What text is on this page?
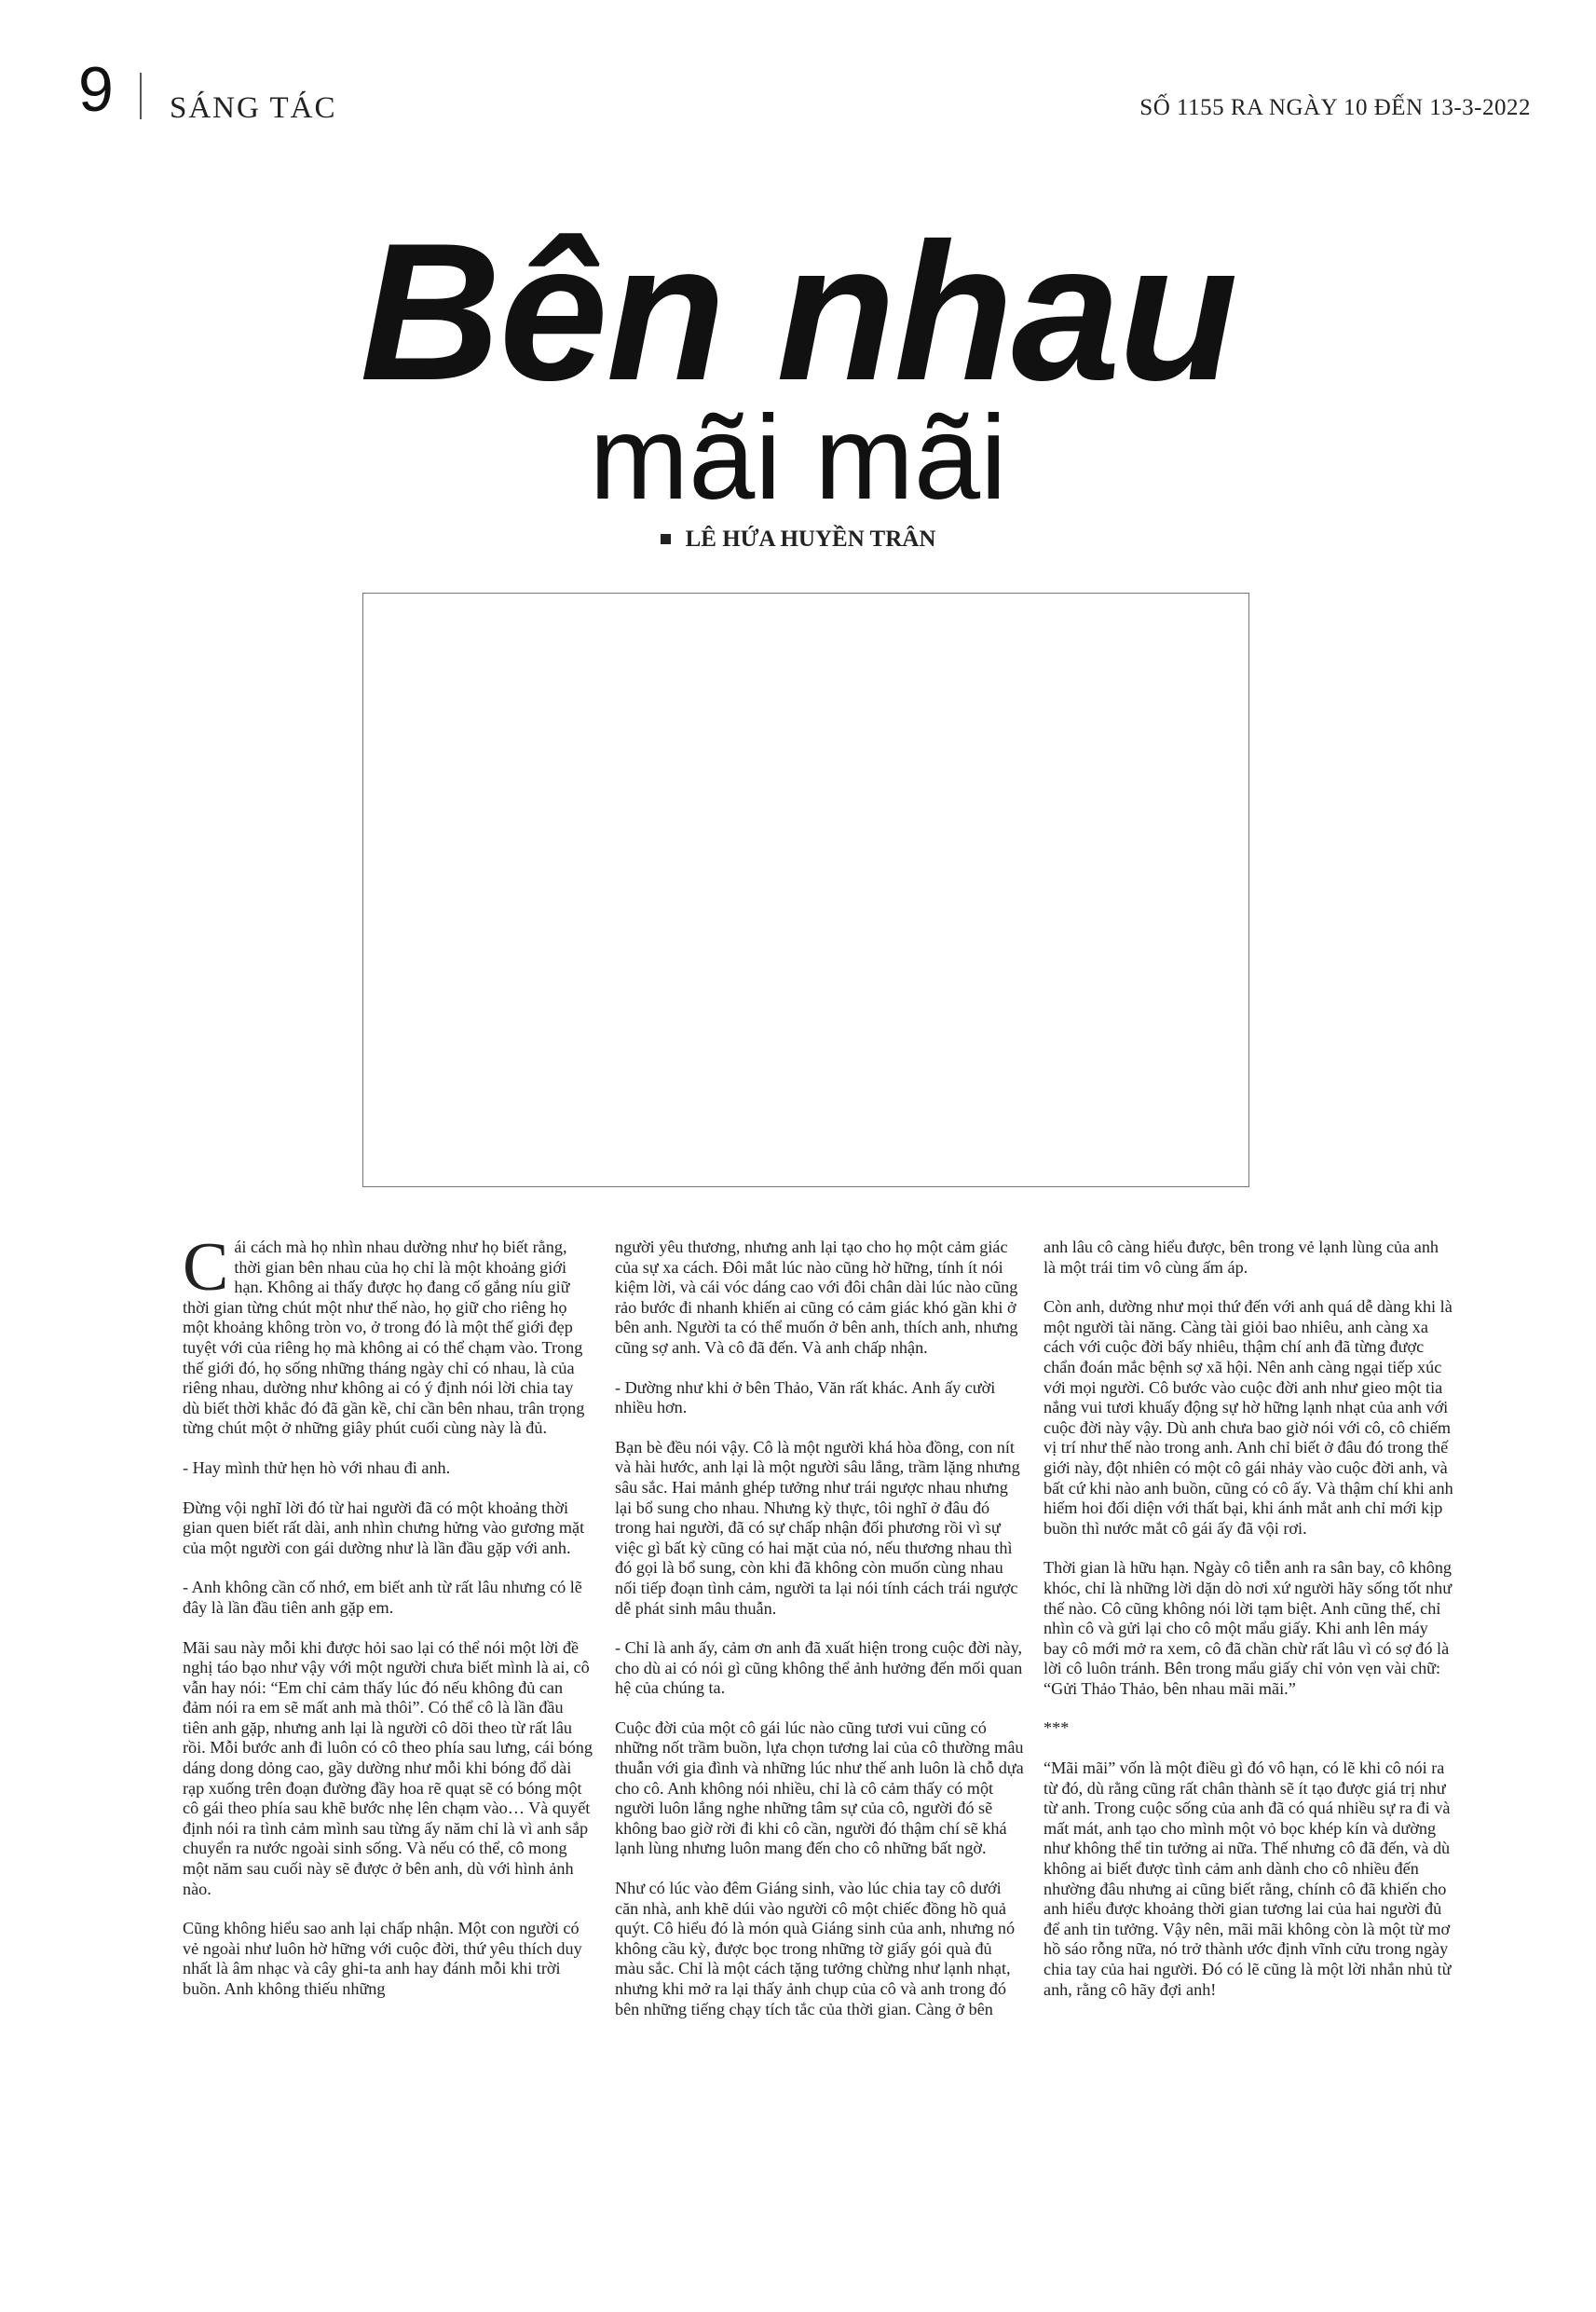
9 SÁNG TÁC	SỐ 1155 RA NGÀY 10 ĐẾN 13-3-2022
Bên nhau
mãi mãi
LÊ HỨA HUYỀN TRÂN

Cái cách mà họ nhìn nhau dường như họ biết rằng, thời gian bên nhau của họ chỉ là một khoảng giới hạn. Không ai thấy được họ đang cố gắng níu giữ thời gian từng chút một như thế nào, họ giữ cho riêng họ một khoảng không tròn vo, ở trong đó là một thế giới đẹp tuyệt với của riêng họ mà không ai có thể chạm vào. Trong thế giới đó, họ sống những tháng ngày chỉ có nhau, là của riêng nhau, dường như không ai có ý định nói lời chia tay dù biết thời khắc đó đã gần kề, chỉ cần bên nhau, trân trọng từng chút một ở những giây phút cuối cùng này là đủ.

- Hay mình thử hẹn hò với nhau đi anh.

Đừng vội nghĩ lời đó từ hai người đã có một khoảng thời gian quen biết rất dài, anh nhìn chưng hửng vào gương mặt của một người con gái dường như là lần đầu gặp với anh.

- Anh không cần cố nhớ, em biết anh từ rất lâu nhưng có lẽ đây là lần đầu tiên anh gặp em.

Mãi sau này mỗi khi được hỏi sao lại có thể nói một lời đề nghị táo bạo như vậy với một người chưa biết mình là ai, cô vẫn hay nói: “Em chỉ cảm thấy lúc đó nếu không đủ can đảm nói ra em sẽ mất anh mà thôi”. Có thể cô là lần đầu tiên anh gặp, nhưng anh lại là người cô dõi theo từ rất lâu rồi. Mỗi bước anh đi luôn có cô theo phía sau lưng, cái bóng dáng dong dỏng cao, gầy dường như mỗi khi bóng đổ dài rạp xuống trên đoạn đường đầy hoa rẽ quạt sẽ có bóng một cô gái theo phía sau khẽ bước nhẹ lên chạm vào… Và quyết định nói ra tình cảm mình sau từng ấy năm chỉ là vì anh sắp chuyển ra nước ngoài sinh sống. Và nếu có thể, cô mong một năm sau cuối này sẽ được ở bên anh, dù với hình ảnh nào.

Cũng không hiểu sao anh lại chấp nhận. Một con người có vẻ ngoài như luôn hờ hững với cuộc đời, thứ yêu thích duy nhất là âm nhạc và cây ghi-ta anh hay đánh mỗi khi trời buồn. Anh không thiếu những

người yêu thương, nhưng anh lại tạo cho họ một cảm giác của sự xa cách. Đôi mắt lúc nào cũng hờ hững, tính ít nói kiệm lời, và cái vóc dáng cao với đôi chân dài lúc nào cũng rảo bước đi nhanh khiến ai cũng có cảm giác khó gần khi ở bên anh. Người ta có thể muốn ở bên anh, thích anh, nhưng cũng sợ anh. Và cô đã đến. Và anh chấp nhận.

- Dường như khi ở bên Thảo, Văn rất khác. Anh ấy cười nhiều hơn.

Bạn bè đều nói vậy. Cô là một người khá hòa đồng, con nít và hài hước, anh lại là một người sâu lắng, trầm lặng nhưng sâu sắc. Hai mảnh ghép tưởng như trái ngược nhau nhưng lại bổ sung cho nhau. Nhưng kỳ thực, tôi nghĩ ở đâu đó trong hai người, đã có sự chấp nhận đối phương rồi vì sự việc gì bất kỳ cũng có hai mặt của nó, nếu thương nhau thì đó gọi là bổ sung, còn khi đã không còn muốn cùng nhau nối tiếp đoạn tình cảm, người ta lại nói tính cách trái ngược dễ phát sinh mâu thuẫn.

- Chỉ là anh ấy, cảm ơn anh đã xuất hiện trong cuộc đời này, cho dù ai có nói gì cũng không thể ảnh hưởng đến mối quan hệ của chúng ta.

Cuộc đời của một cô gái lúc nào cũng tươi vui cũng có những nốt trầm buồn, lựa chọn tương lai của cô thường mâu thuẫn với gia đình và những lúc như thế anh luôn là chỗ dựa cho cô. Anh không nói nhiều, chỉ là cô cảm thấy có một người luôn lắng nghe những tâm sự của cô, người đó sẽ không bao giờ rời đi khi cô cần, người đó thậm chí sẽ khá lạnh lùng nhưng luôn mang đến cho cô những bất ngờ.

Như có lúc vào đêm Giáng sinh, vào lúc chia tay cô dưới căn nhà, anh khẽ dúi vào người cô một chiếc đồng hồ quả quýt. Cô hiểu đó là món quà Giáng sinh của anh, nhưng nó không cầu kỳ, được bọc trong những tờ giấy gói quà đủ màu sắc. Chỉ là một cách tặng tưởng chừng như lạnh nhạt, nhưng khi mở ra lại thấy ảnh chụp của cô và anh trong đó bên những tiếng chạy tích tắc của thời gian. Càng ở bên

anh lâu cô càng hiểu được, bên trong vẻ lạnh lùng của anh là một trái tim vô cùng ấm áp.

Còn anh, dường như mọi thứ đến với anh quá dễ dàng khi là một người tài năng. Càng tài giỏi bao nhiêu, anh càng xa cách với cuộc đời bấy nhiêu, thậm chí anh đã từng được chẩn đoán mắc bệnh sợ xã hội. Nên anh càng ngại tiếp xúc với mọi người. Cô bước vào cuộc đời anh như gieo một tia nắng vui tươi khuấy động sự hờ hững lạnh nhạt của anh với cuộc đời này vậy. Dù anh chưa bao giờ nói với cô, cô chiếm vị trí như thế nào trong anh. Anh chỉ biết ở đâu đó trong thế giới này, đột nhiên có một cô gái nhảy vào cuộc đời anh, và bất cứ khi nào anh buồn, cũng có cô ấy. Và thậm chí khi anh hiếm hoi đối diện với thất bại, khi ánh mắt anh chỉ mới kịp buồn thì nước mắt cô gái ấy đã vội rơi.

Thời gian là hữu hạn. Ngày cô tiễn anh ra sân bay, cô không khóc, chỉ là những lời dặn dò nơi xứ người hãy sống tốt như thế nào. Cô cũng không nói lời tạm biệt. Anh cũng thế, chỉ nhìn cô và gửi lại cho cô một mẩu giấy. Khi anh lên máy bay cô mới mở ra xem, cô đã chần chừ rất lâu vì có sợ đó là lời cô luôn tránh. Bên trong mẩu giấy chỉ vỏn vẹn vài chữ: “Gửi Thảo Thảo, bên nhau mãi mãi.”

***

“Mãi mãi” vốn là một điều gì đó vô hạn, có lẽ khi cô nói ra từ đó, dù rằng cũng rất chân thành sẽ ít tạo được giá trị như từ anh. Trong cuộc sống của anh đã có quá nhiều sự ra đi và mất mát, anh tạo cho mình một vỏ bọc khép kín và dường như không thể tin tưởng ai nữa. Thế nhưng cô đã đến, và dù không ai biết được tình cảm anh dành cho cô nhiều đến nhường đâu nhưng ai cũng biết rằng, chính cô đã khiến cho anh hiểu được khoảng thời gian tương lai của hai người đủ để anh tin tưởng. Vậy nên, mãi mãi không còn là một từ mơ hồ sáo rỗng nữa, nó trở thành ước định vĩnh cửu trong ngày chia tay của hai người. Đó có lẽ cũng là một lời nhắn nhủ từ anh, rằng cô hãy đợi anh!
